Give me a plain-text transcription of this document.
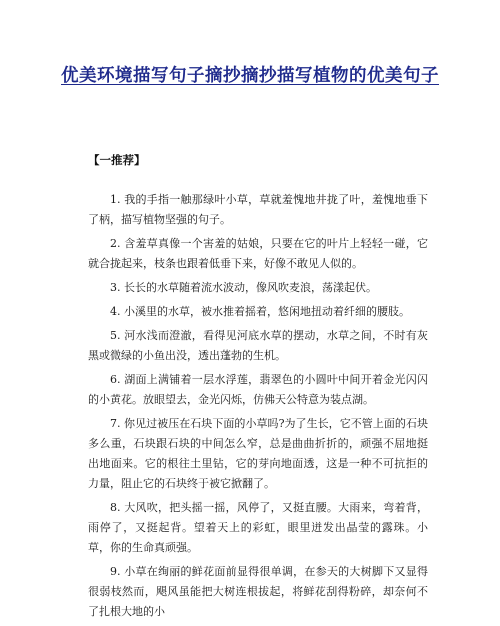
优美环境描写句子摘抄摘抄描写植物的优美句子
【一推荐】

1. 我的手指一触那绿叶小草，草就羞愧地井拢了叶，羞愧地垂下了柄，描写植物坚强的句子。

2. 含羞草真像一个害羞的姑娘，只要在它的叶片上轻轻一碰，它就合拢起来，枝条也跟着低垂下来，好像不敢见人似的。

3. 长长的水草随着流水波动，像风吹麦浪，荡漾起伏。

4. 小溪里的水草，被水推着摇着，悠闲地扭动着纤细的腰肢。

5. 河水浅而澄澈，看得见河底水草的摆动，水草之间，不时有灰黑或微绿的小鱼出没，透出蓬勃的生机。

6. 湖面上满铺着一层水浮莲，翡翠色的小圆叶中间开着金光闪闪的小黄花。放眼望去，金光闪烁，仿佛天公特意为装点湖。

7. 你见过被压在石块下面的小草吗?为了生长，它不管上面的石块多么重，石块跟石块的中间怎么窄，总是曲曲折折的，顽强不屈地挺出地面来。它的根往土里钻，它的芽向地面透，这是一种不可抗拒的力量，阻止它的石块终于被它掀翻了。

8. 大风吹，把头摇一摇，风停了，又挺直腰。大雨来，弯着背，雨停了，又挺起背。望着天上的彩虹，眼里迸发出晶莹的露珠。小草，你的生命真顽强。

9. 小草在绚丽的鲜花面前显得很单调，在参天的大树脚下又显得很弱枝然而，飓风虽能把大树连根拔起，将鲜花刮得粉碎，却奈何不了扎根大地的小
